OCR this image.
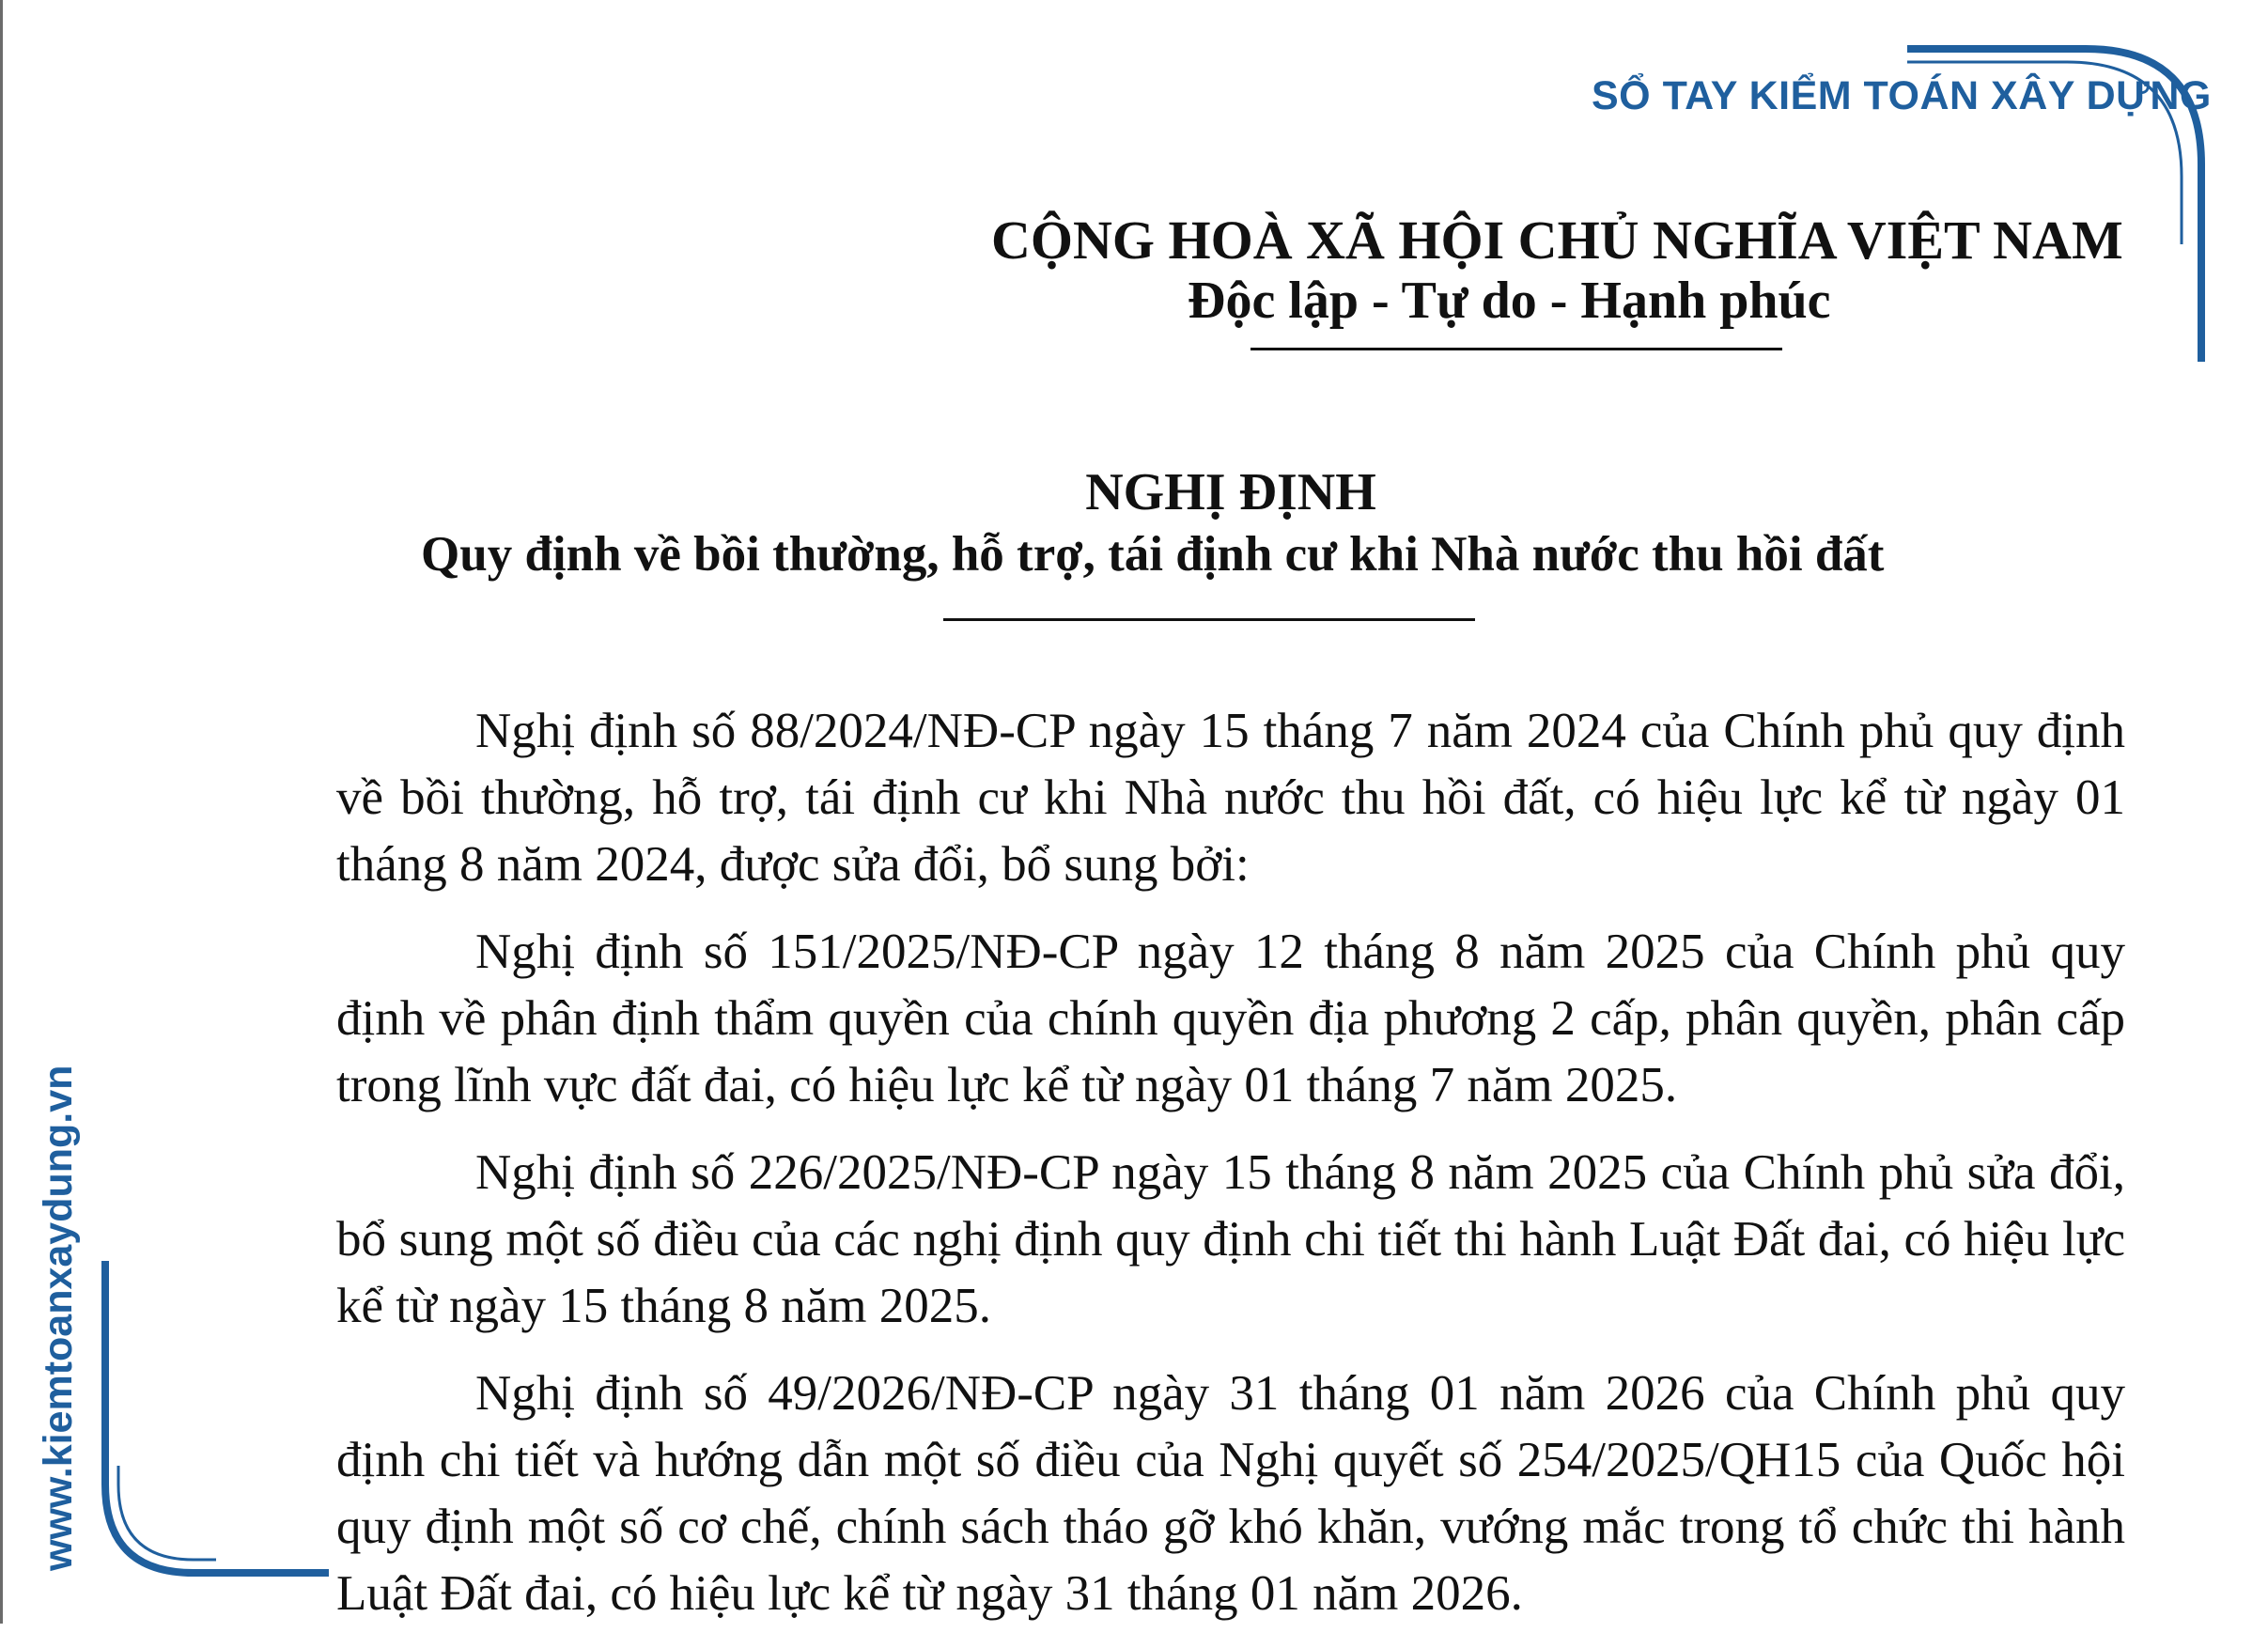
SỔ TAY KIỂM TOÁN XÂY DỰNG
www.kiemtoanxaydung.vn
CỘNG HOÀ XÃ HỘI CHỦ NGHĨA VIỆT NAM
Độc lập - Tự do - Hạnh phúc
NGHỊ ĐỊNH
Quy định về bồi thường, hỗ trợ, tái định cư khi Nhà nước thu hồi đất

Nghị định số 88/2024/NĐ-CP ngày 15 tháng 7 năm 2024 của Chính phủ quy định về bồi thường, hỗ trợ, tái định cư khi Nhà nước thu hồi đất, có hiệu lực kể từ ngày 01 tháng 8 năm 2024, được sửa đổi, bổ sung bởi:

Nghị định số 151/2025/NĐ-CP ngày 12 tháng 8 năm 2025 của Chính phủ quy định về phân định thẩm quyền của chính quyền địa phương 2 cấp, phân quyền, phân cấp trong lĩnh vực đất đai, có hiệu lực kể từ ngày 01 tháng 7 năm 2025.

Nghị định số 226/2025/NĐ-CP ngày 15 tháng 8 năm 2025 của Chính phủ sửa đổi, bổ sung một số điều của các nghị định quy định chi tiết thi hành Luật Đất đai, có hiệu lực kể từ ngày 15 tháng 8 năm 2025.

Nghị định số 49/2026/NĐ-CP ngày 31 tháng 01 năm 2026 của Chính phủ quy định chi tiết và hướng dẫn một số điều của Nghị quyết số 254/2025/QH15 của Quốc hội quy định một số cơ chế, chính sách tháo gỡ khó khăn, vướng mắc trong tổ chức thi hành Luật Đất đai, có hiệu lực kể từ ngày 31 tháng 01 năm 2026.
